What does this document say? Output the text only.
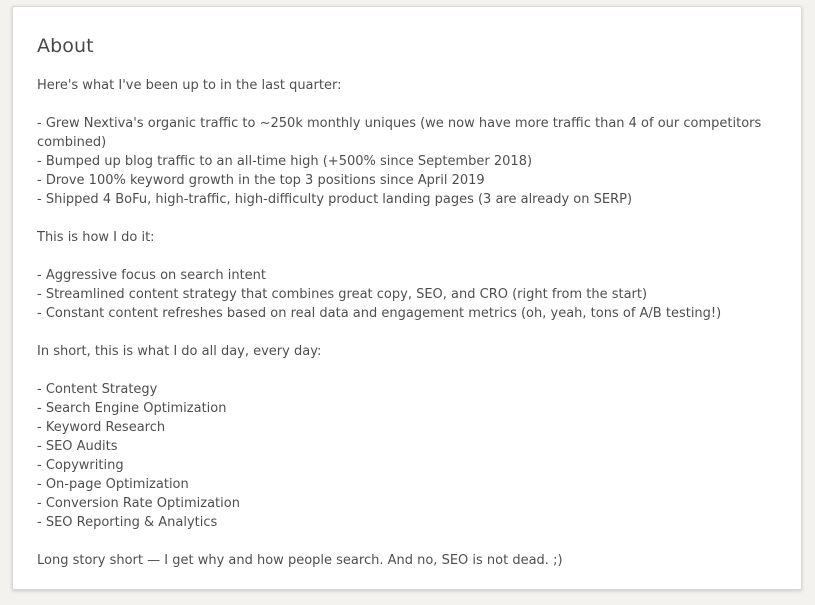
About
Here's what I've been up to in the last quarter:
- Grew Nextiva's organic traffic to ~250k monthly uniques (we now have more traffic than 4 of our competitors
combined)
- Bumped up blog traffic to an all-time high (+500% since September 2018)
- Drove 100% keyword growth in the top 3 positions since April 2019
- Shipped 4 BoFu, high-traffic, high-difficulty product landing pages (3 are already on SERP)
This is how I do it:
- Aggressive focus on search intent
- Streamlined content strategy that combines great copy, SEO, and CRO (right from the start)
- Constant content refreshes based on real data and engagement metrics (oh, yeah, tons of A/B testing!)
In short, this is what I do all day, every day:
- Content Strategy
- Search Engine Optimization
- Keyword Research
- SEO Audits
- Copywriting
- On-page Optimization
- Conversion Rate Optimization
- SEO Reporting & Analytics
Long story short — I get why and how people search. And no, SEO is not dead. ;)
